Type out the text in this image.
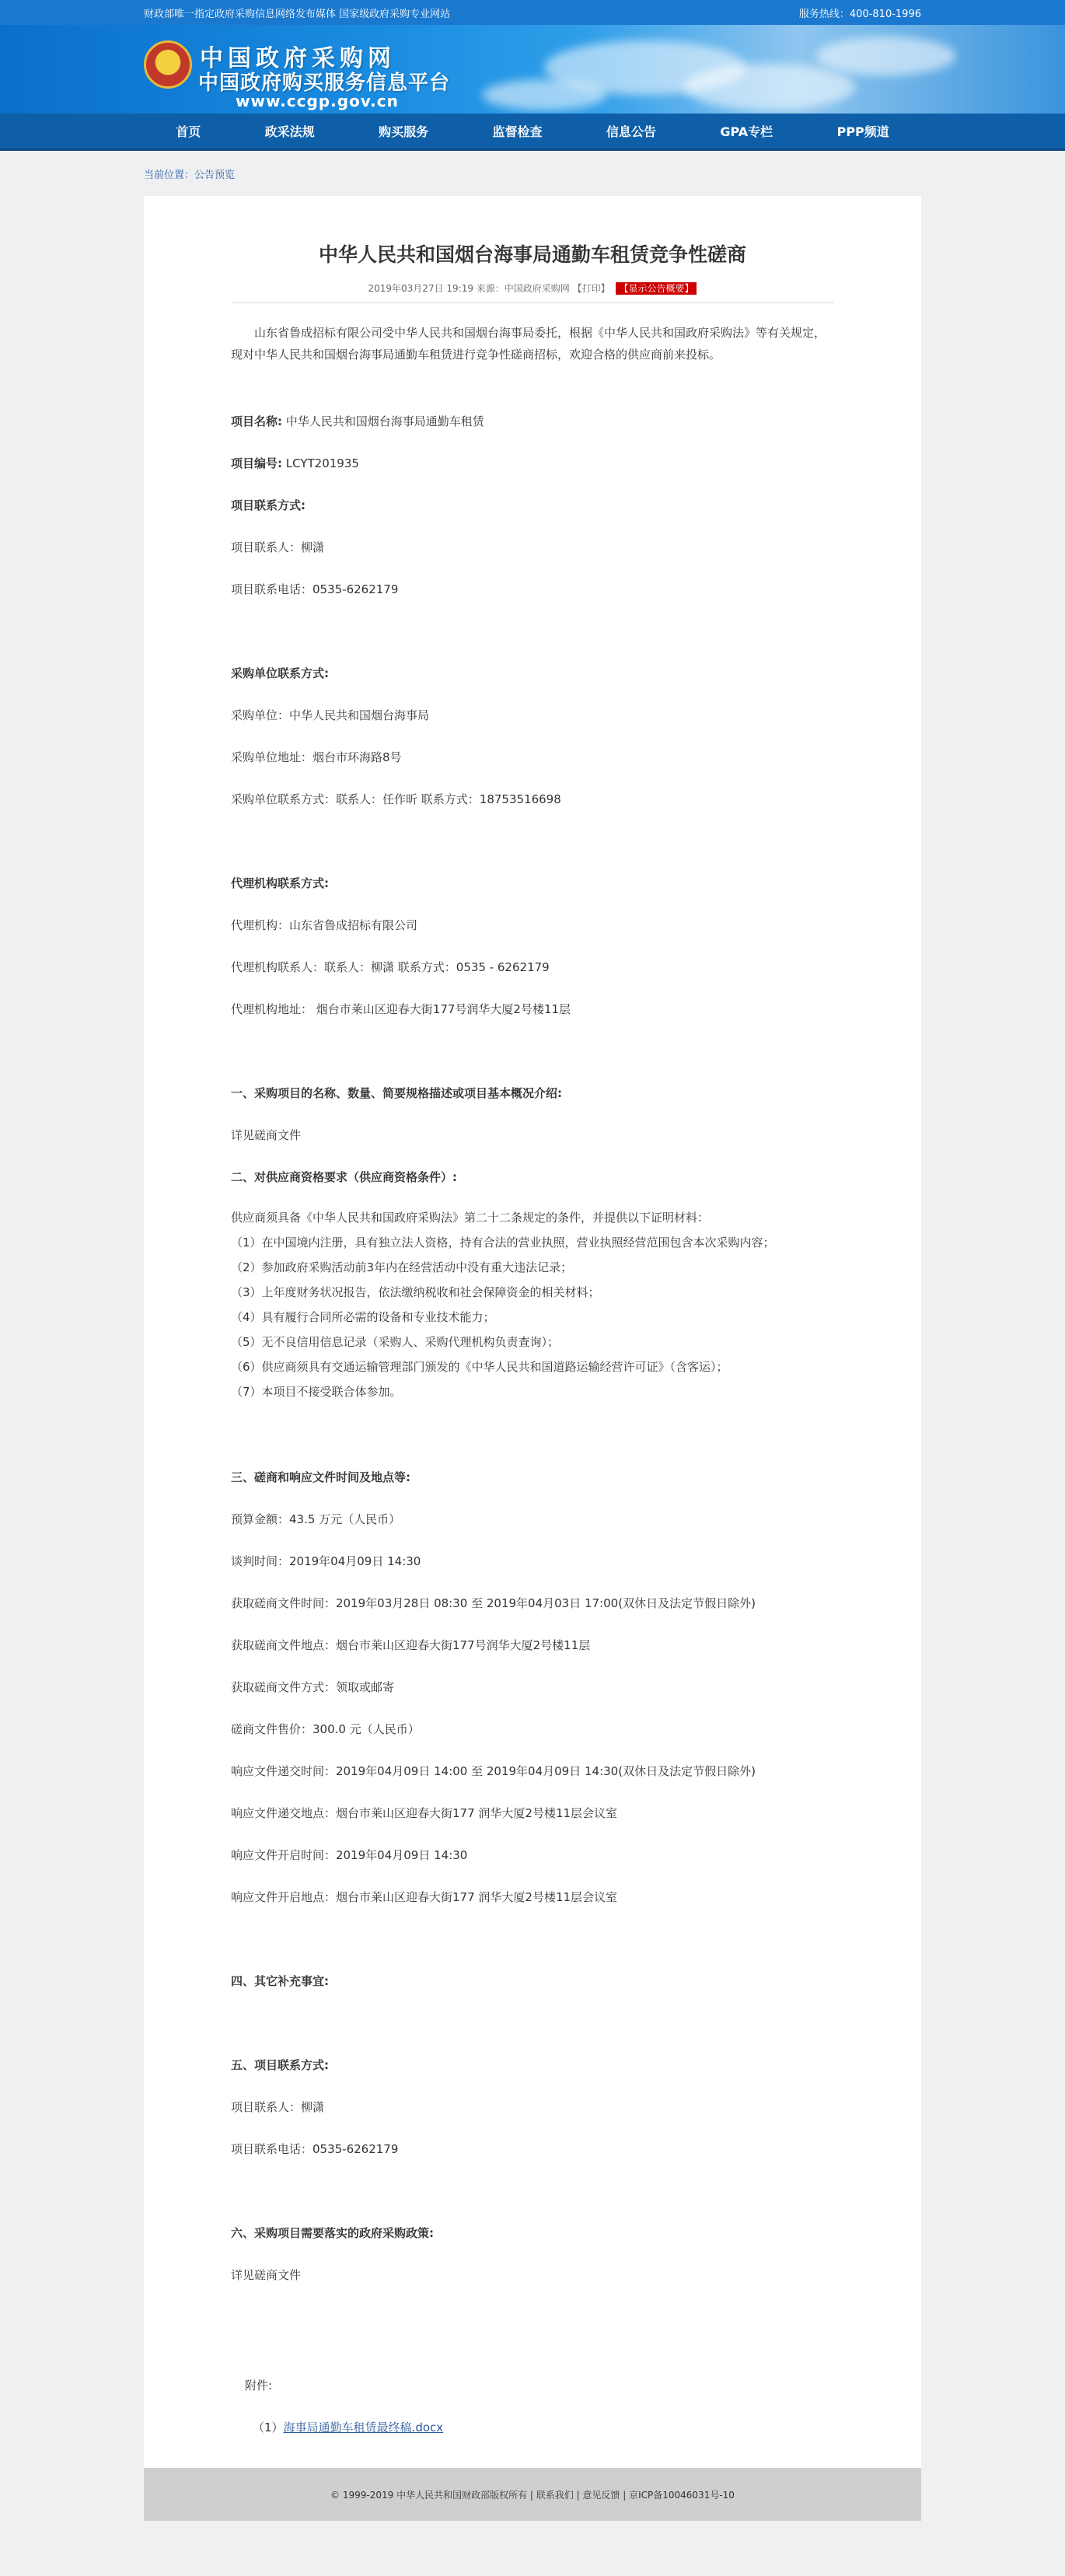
财政部唯一指定政府采购信息网络发布媒体 国家级政府采购专业网站	服务热线：400-810-1996
中国政府采购网
中国政府购买服务信息平台
www.ccgp.gov.cn
首页	政采法规	购买服务	监督检查	信息公告	GPA专栏	PPP频道
当前位置： 公告预览
中华人民共和国烟台海事局通勤车租赁竞争性磋商
2019年03月27日 19:19 来源：中国政府采购网 【打印】 【显示公告概要】
山东省鲁成招标有限公司受中华人民共和国烟台海事局委托，根据《中华人民共和国政府采购法》等有关规定，现对中华人民共和国烟台海事局通勤车租赁进行竞争性磋商招标，欢迎合格的供应商前来投标。
项目名称: 中华人民共和国烟台海事局通勤车租赁
项目编号: LCYT201935
项目联系方式:
项目联系人：柳潇
项目联系电话：0535-6262179
采购单位联系方式:
采购单位：中华人民共和国烟台海事局
采购单位地址：烟台市环海路8号
采购单位联系方式：联系人：任作昕 联系方式：18753516698
代理机构联系方式:
代理机构：山东省鲁成招标有限公司
代理机构联系人：联系人：柳潇 联系方式：0535 - 6262179
代理机构地址： 烟台市莱山区迎春大街177号润华大厦2号楼11层
一、采购项目的名称、数量、简要规格描述或项目基本概况介绍:
详见磋商文件
二、对供应商资格要求（供应商资格条件）:
供应商须具备《中华人民共和国政府采购法》第二十二条规定的条件，并提供以下证明材料：
（1）在中国境内注册，具有独立法人资格，持有合法的营业执照，营业执照经营范围包含本次采购内容；
（2）参加政府采购活动前3年内在经营活动中没有重大违法记录；
（3）上年度财务状况报告，依法缴纳税收和社会保障资金的相关材料；
（4）具有履行合同所必需的设备和专业技术能力；
（5）无不良信用信息记录（采购人、采购代理机构负责查询）；
（6）供应商须具有交通运输管理部门颁发的《中华人民共和国道路运输经营许可证》（含客运）；
（7）本项目不接受联合体参加。
三、磋商和响应文件时间及地点等:
预算金额：43.5 万元（人民币）
谈判时间：2019年04月09日 14:30
获取磋商文件时间：2019年03月28日 08:30 至 2019年04月03日 17:00(双休日及法定节假日除外)
获取磋商文件地点：烟台市莱山区迎春大街177号润华大厦2号楼11层
获取磋商文件方式：领取或邮寄
磋商文件售价：300.0 元（人民币）
响应文件递交时间：2019年04月09日 14:00 至 2019年04月09日 14:30(双休日及法定节假日除外)
响应文件递交地点：烟台市莱山区迎春大街177 润华大厦2号楼11层会议室
响应文件开启时间：2019年04月09日 14:30
响应文件开启地点：烟台市莱山区迎春大街177 润华大厦2号楼11层会议室
四、其它补充事宜:
五、项目联系方式:
项目联系人：柳潇
项目联系电话：0535-6262179
六、采购项目需要落实的政府采购政策:
详见磋商文件
附件:
（1）海事局通勤车租赁最终稿.docx
© 1999-2019 中华人民共和国财政部版权所有 | 联系我们 | 意见反馈 | 京ICP备10046031号-10
